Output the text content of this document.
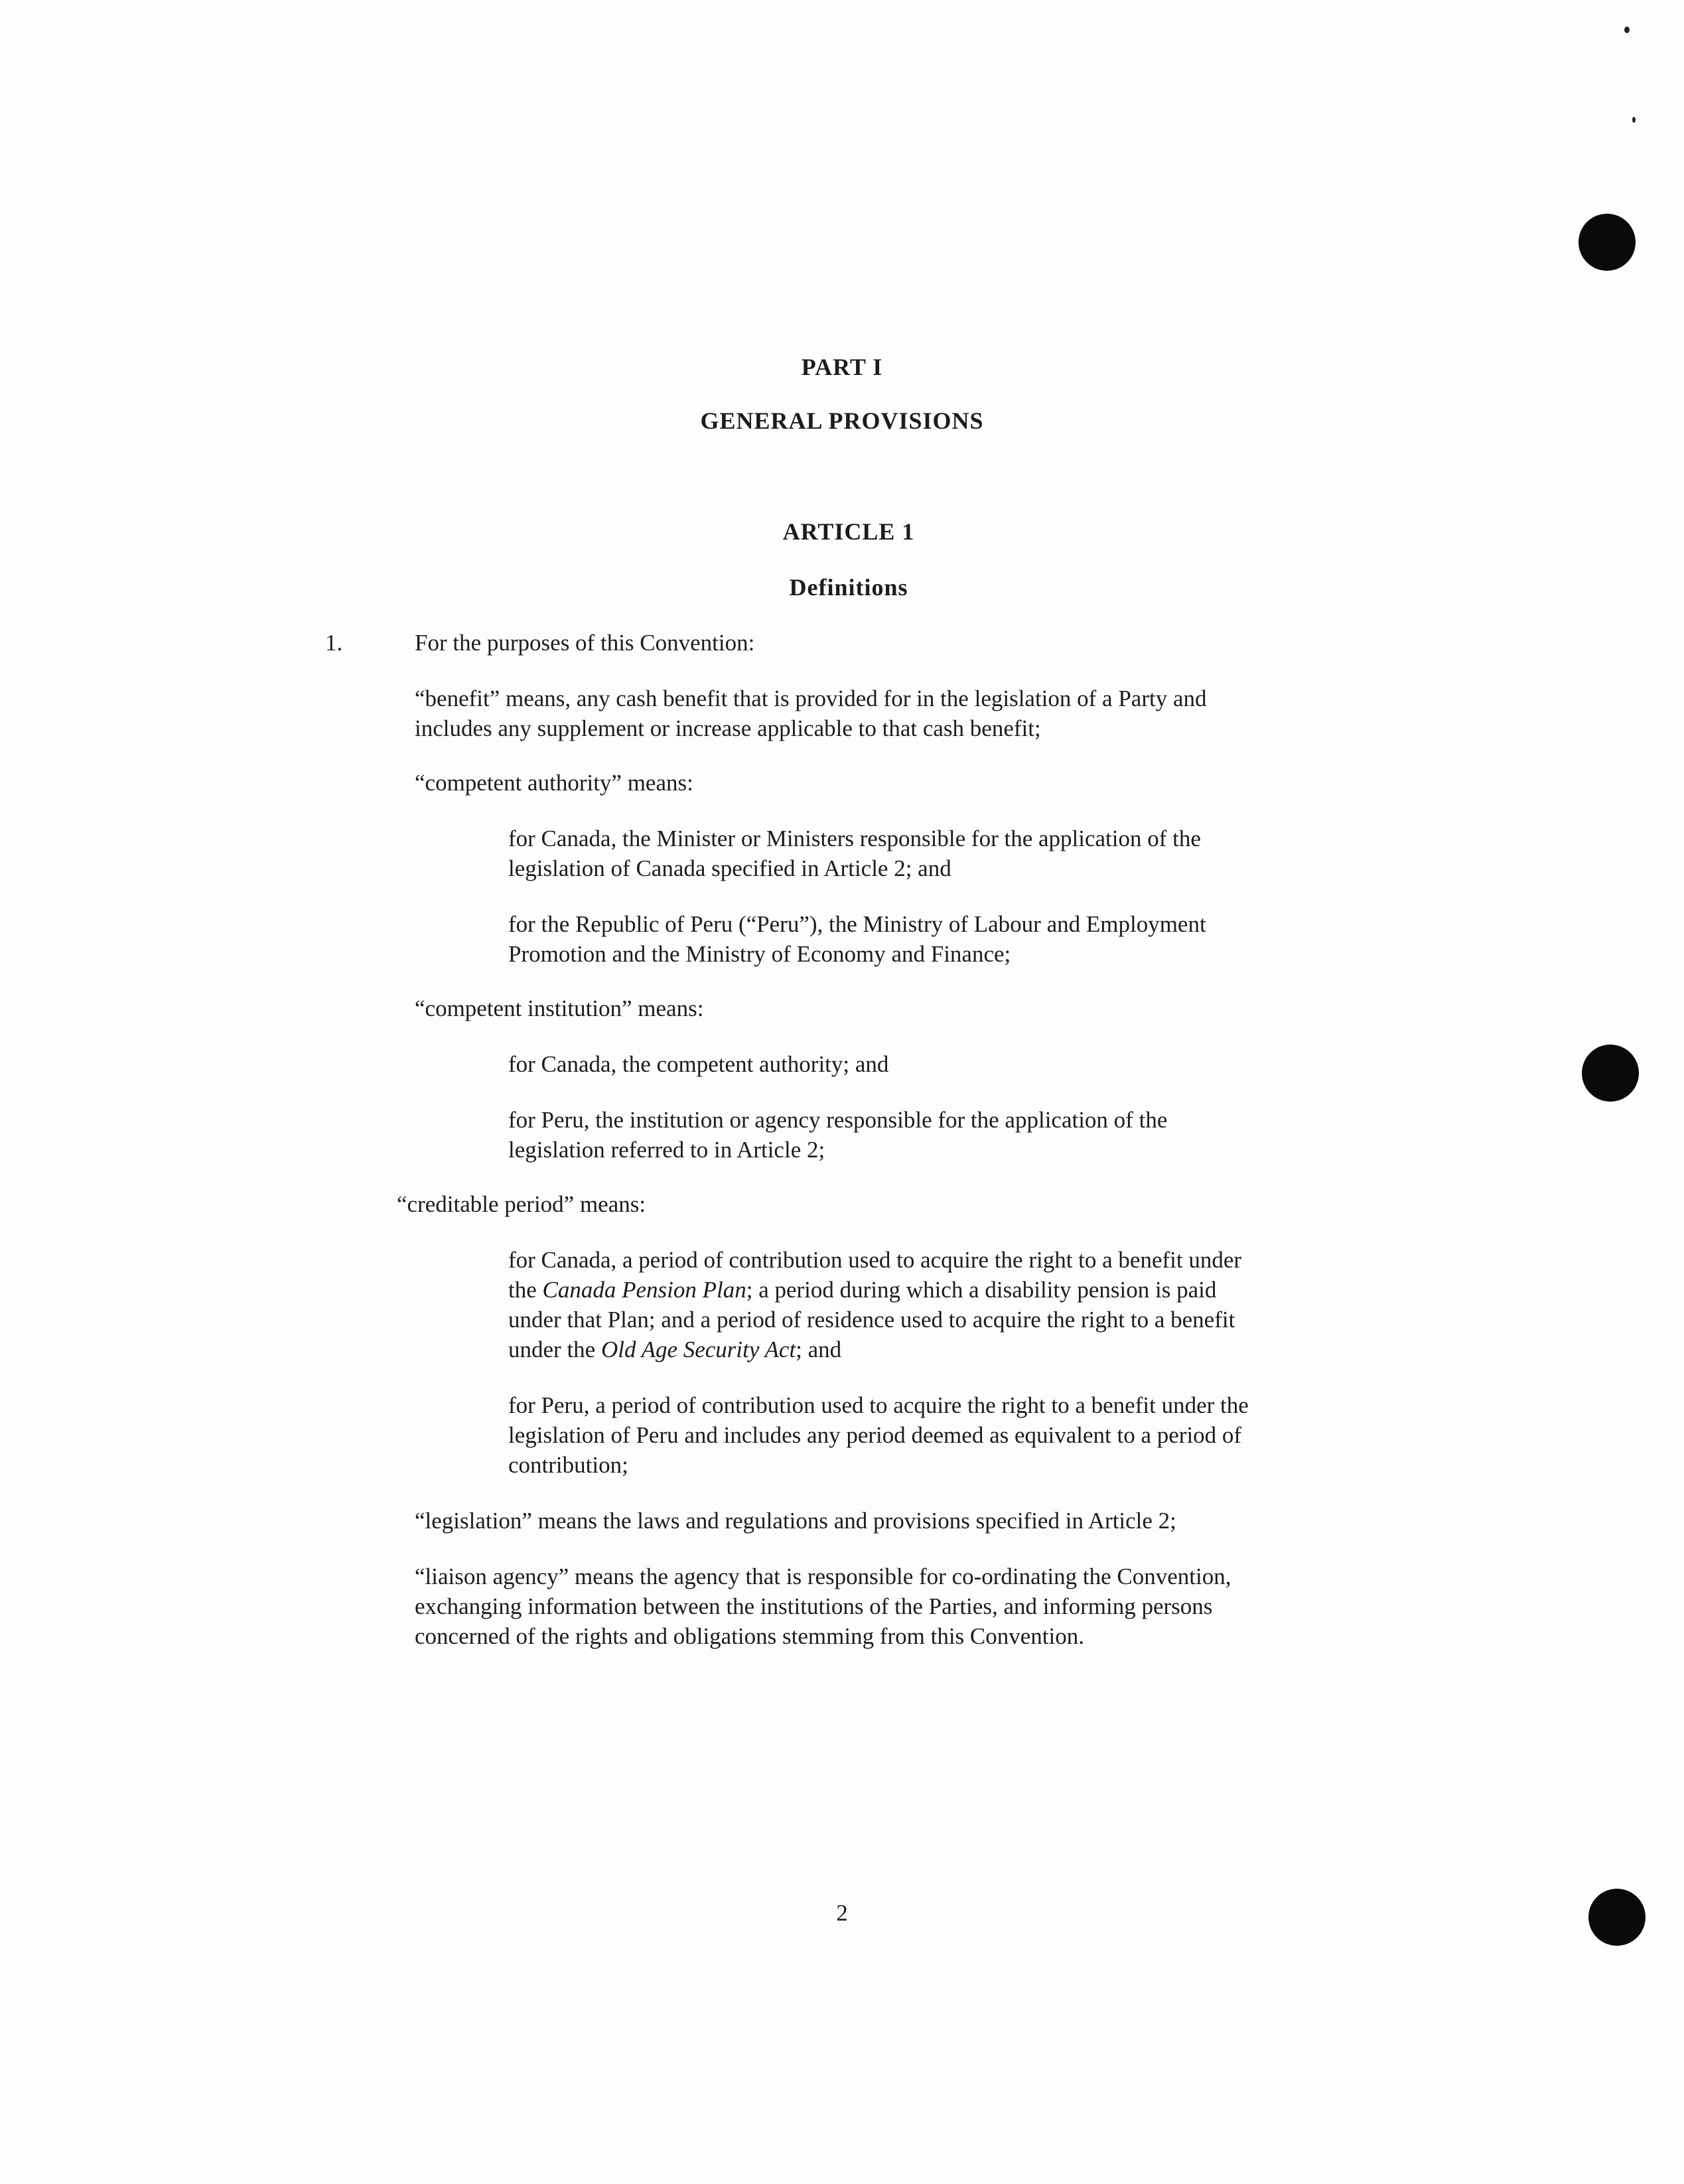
PART I
GENERAL PROVISIONS
ARTICLE 1
Definitions
1.	For the purposes of this Convention:

“benefit” means, any cash benefit that is provided for in the legislation of a Party and

includes any supplement or increase applicable to that cash benefit;

“competent authority” means:

for Canada, the Minister or Ministers responsible for the application of the

legislation of Canada specified in Article 2; and

for the Republic of Peru (“Peru”), the Ministry of Labour and Employment

Promotion and the Ministry of Economy and Finance;

“competent institution” means:

for Canada, the competent authority; and

for Peru, the institution or agency responsible for the application of the

legislation referred to in Article 2;

“creditable period” means:

for Canada, a period of contribution used to acquire the right to a benefit under

the Canada Pension Plan; a period during which a disability pension is paid

under that Plan; and a period of residence used to acquire the right to a benefit

under the Old Age Security Act; and

for Peru, a period of contribution used to acquire the right to a benefit under the

legislation of Peru and includes any period deemed as equivalent to a period of

contribution;

“legislation” means the laws and regulations and provisions specified in Article 2;

“liaison agency” means the agency that is responsible for co-ordinating the Convention,

exchanging information between the institutions of the Parties, and informing persons

concerned of the rights and obligations stemming from this Convention.

2
